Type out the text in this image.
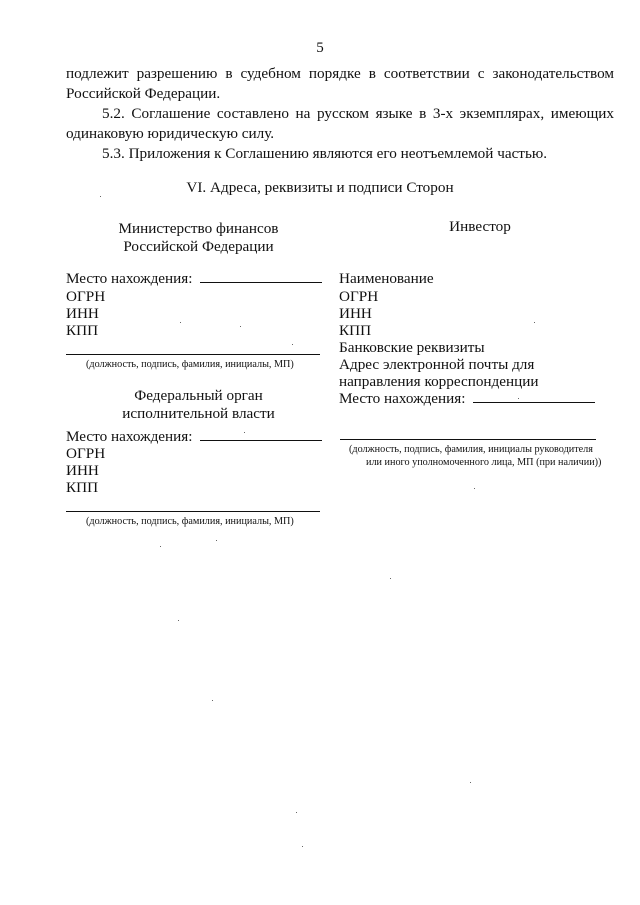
5
подлежит разрешению в судебном порядке в соответствии с законодательством
Российской Федерации.
5.2. Соглашение составлено на русском языке в 3-х экземплярах, имеющих
одинаковую юридическую силу.
5.3. Приложения к Соглашению являются его неотъемлемой частью.
VI. Адреса, реквизиты и подписи Сторон
Министерство финансов
Российской Федерации
Место нахождения:
ОГРН
ИНН
КПП
(должность, подпись, фамилия, инициалы, МП)
Федеральный орган
исполнительной власти
Место нахождения:
ОГРН
ИНН
КПП
(должность, подпись, фамилия, инициалы, МП)
Инвестор
Наименование
ОГРН
ИНН
КПП
Банковские реквизиты
Адрес электронной почты для
направления корреспонденции
Место нахождения:
(должность, подпись, фамилия, инициалы руководителя
или иного уполномоченного лица, МП (при наличии))
